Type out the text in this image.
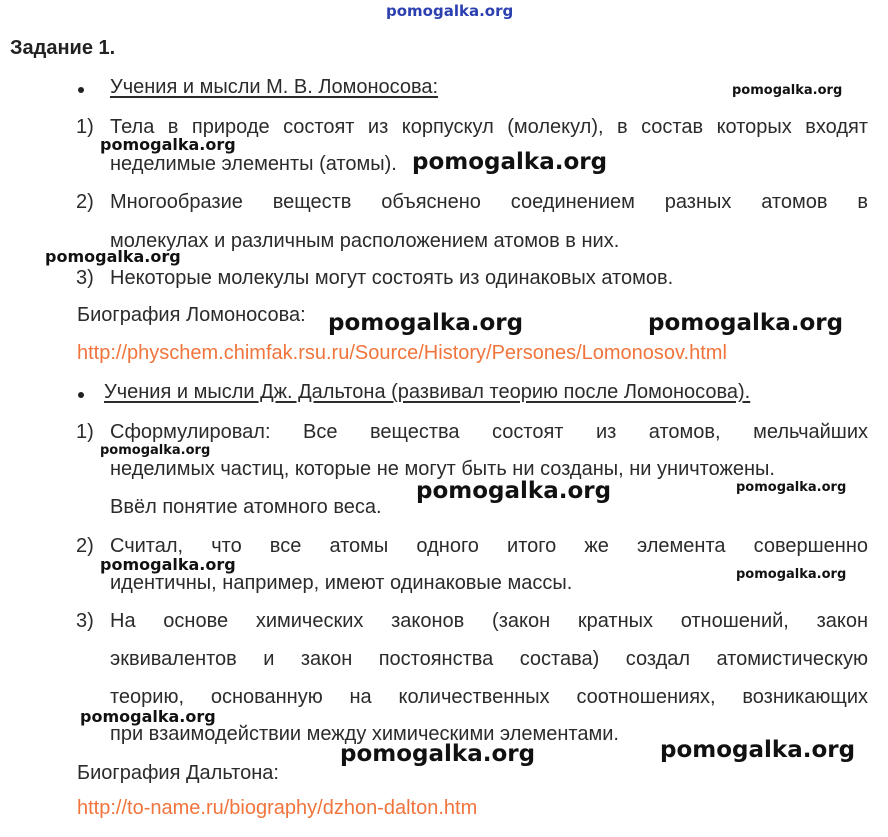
pomogalka.org
Задание 1.
Учения и мысли М. В. Ломоносова:
1) Тела в природе состоят из корпускул (молекул), в состав которых входят
неделимые элементы (атомы).
2) Многообразие веществ объяснено соединением разных атомов в
молекулах и различным расположением атомов в них.
3) Некоторые молекулы могут состоять из одинаковых атомов.
Биография Ломоносова:
http://physchem.chimfak.rsu.ru/Source/History/Persones/Lomonosov.html
Учения и мысли Дж. Дальтона (развивал теорию после Ломоносова).
1) Сформулировал: Все вещества состоят из атомов, мельчайших
неделимых частиц, которые не могут быть ни созданы, ни уничтожены.
Ввёл понятие атомного веса.
2) Считал, что все атомы одного итого же элемента совершенно
идентичны, например, имеют одинаковые массы.
3) На основе химических законов (закон кратных отношений, закон
эквивалентов и закон постоянства состава) создал атомистическую
теорию, основанную на количественных соотношениях, возникающих
при взаимодействии между химическими элементами.
Биография Дальтона:
http://to-name.ru/biography/dzhon-dalton.htm
pomogalka.org
pomogalka.org
pomogalka.org
pomogalka.org
pomogalka.org	pomogalka.org
pomogalka.org
pomogalka.org	pomogalka.org
pomogalka.org
pomogalka.org
pomogalka.org
pomogalka.org	pomogalka.org
